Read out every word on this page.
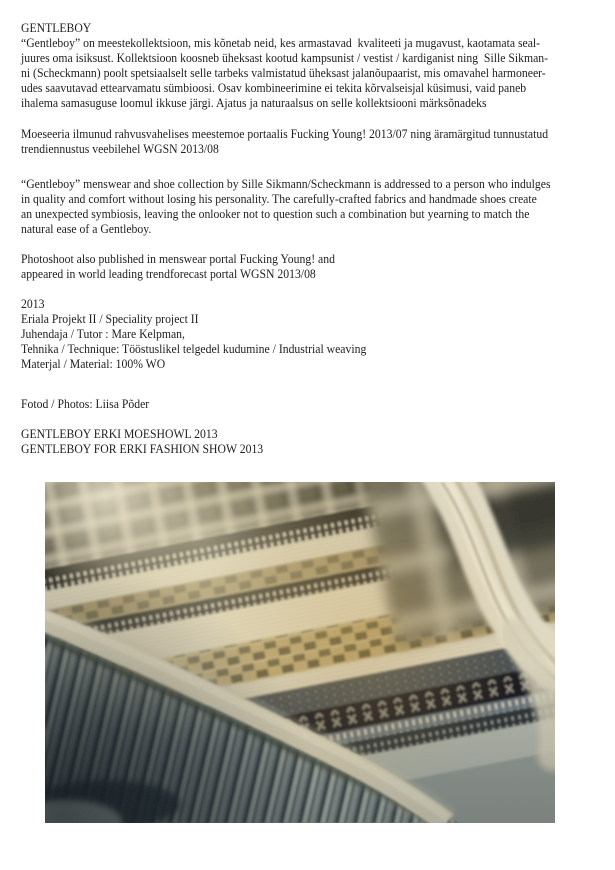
GENTLEBOY
“Gentleboy” on meestekollektsioon, mis kõnetab neid, kes armastavad  kvaliteeti ja mugavust, kaotamata seal-
juures oma isiksust. Kollektsioon koosneb üheksast kootud kampsunist / vestist / kardiganist ning  Sille Sikman-
ni (Scheckmann) poolt spetsiaalselt selle tarbeks valmistatud üheksast jalanõupaarist, mis omavahel harmoneer-
udes saavutavad ettearvamatu sümbioosi. Osav kombineerimine ei tekita kõrvalseisjal küsimusi, vaid paneb
ihalema samasuguse loomul ikkuse järgi. Ajatus ja naturaalsus on selle kollektsiooni märksõnadeks
Moeseeria ilmunud rahvusvahelises meestemoe portaalis Fucking Young! 2013/07 ning äramärgitud tunnustatud
trendiennustus veebilehel WGSN 2013/08
“Gentleboy” menswear and shoe collection by Sille Sikmann/Scheckmann is addressed to a person who indulges
in quality and comfort without losing his personality. The carefully-crafted fabrics and handmade shoes create
an unexpected symbiosis, leaving the onlooker not to question such a combination but yearning to match the
natural ease of a Gentleboy.
Photoshoot also published in menswear portal Fucking Young! and
appeared in world leading trendforecast portal WGSN 2013/08
2013
Eriala Projekt II / Speciality project II
Juhendaja / Tutor : Mare Kelpman,
Tehnika / Technique: Tööstuslikel telgedel kudumine / Industrial weaving
Materjal / Material: 100% WO
Fotod / Photos: Liisa Põder
GENTLEBOY ERKI MOESHOWL 2013
GENTLEBOY FOR ERKI FASHION SHOW 2013
